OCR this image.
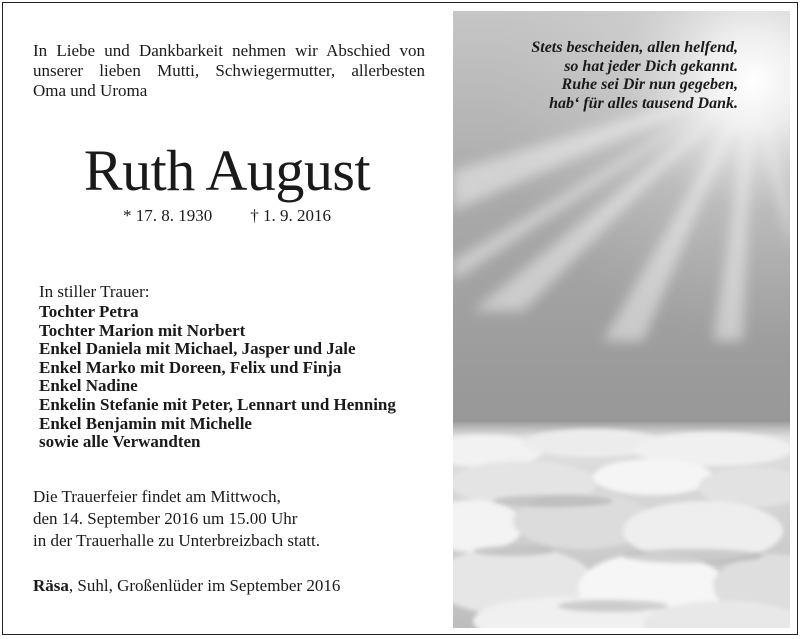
In Liebe und Dankbarkeit nehmen wir Abschied von
unserer lieben Mutti, Schwiegermutter, allerbesten
Oma und Uroma
Ruth August
* 17. 8. 1930 † 1. 9. 2016
In stiller Trauer:
Tochter Petra
Tochter Marion mit Norbert
Enkel Daniela mit Michael, Jasper und Jale
Enkel Marko mit Doreen, Felix und Finja
Enkel Nadine
Enkelin Stefanie mit Peter, Lennart und Henning
Enkel Benjamin mit Michelle
sowie alle Verwandten
Die Trauerfeier findet am Mittwoch,
den 14. September 2016 um 15.00 Uhr
in der Trauerhalle zu Unterbreizbach statt.
Räsa, Suhl, Großenlüder im September 2016
Stets bescheiden, allen helfend,
so hat jeder Dich gekannt.
Ruhe sei Dir nun gegeben,
hab‘ für alles tausend Dank.
